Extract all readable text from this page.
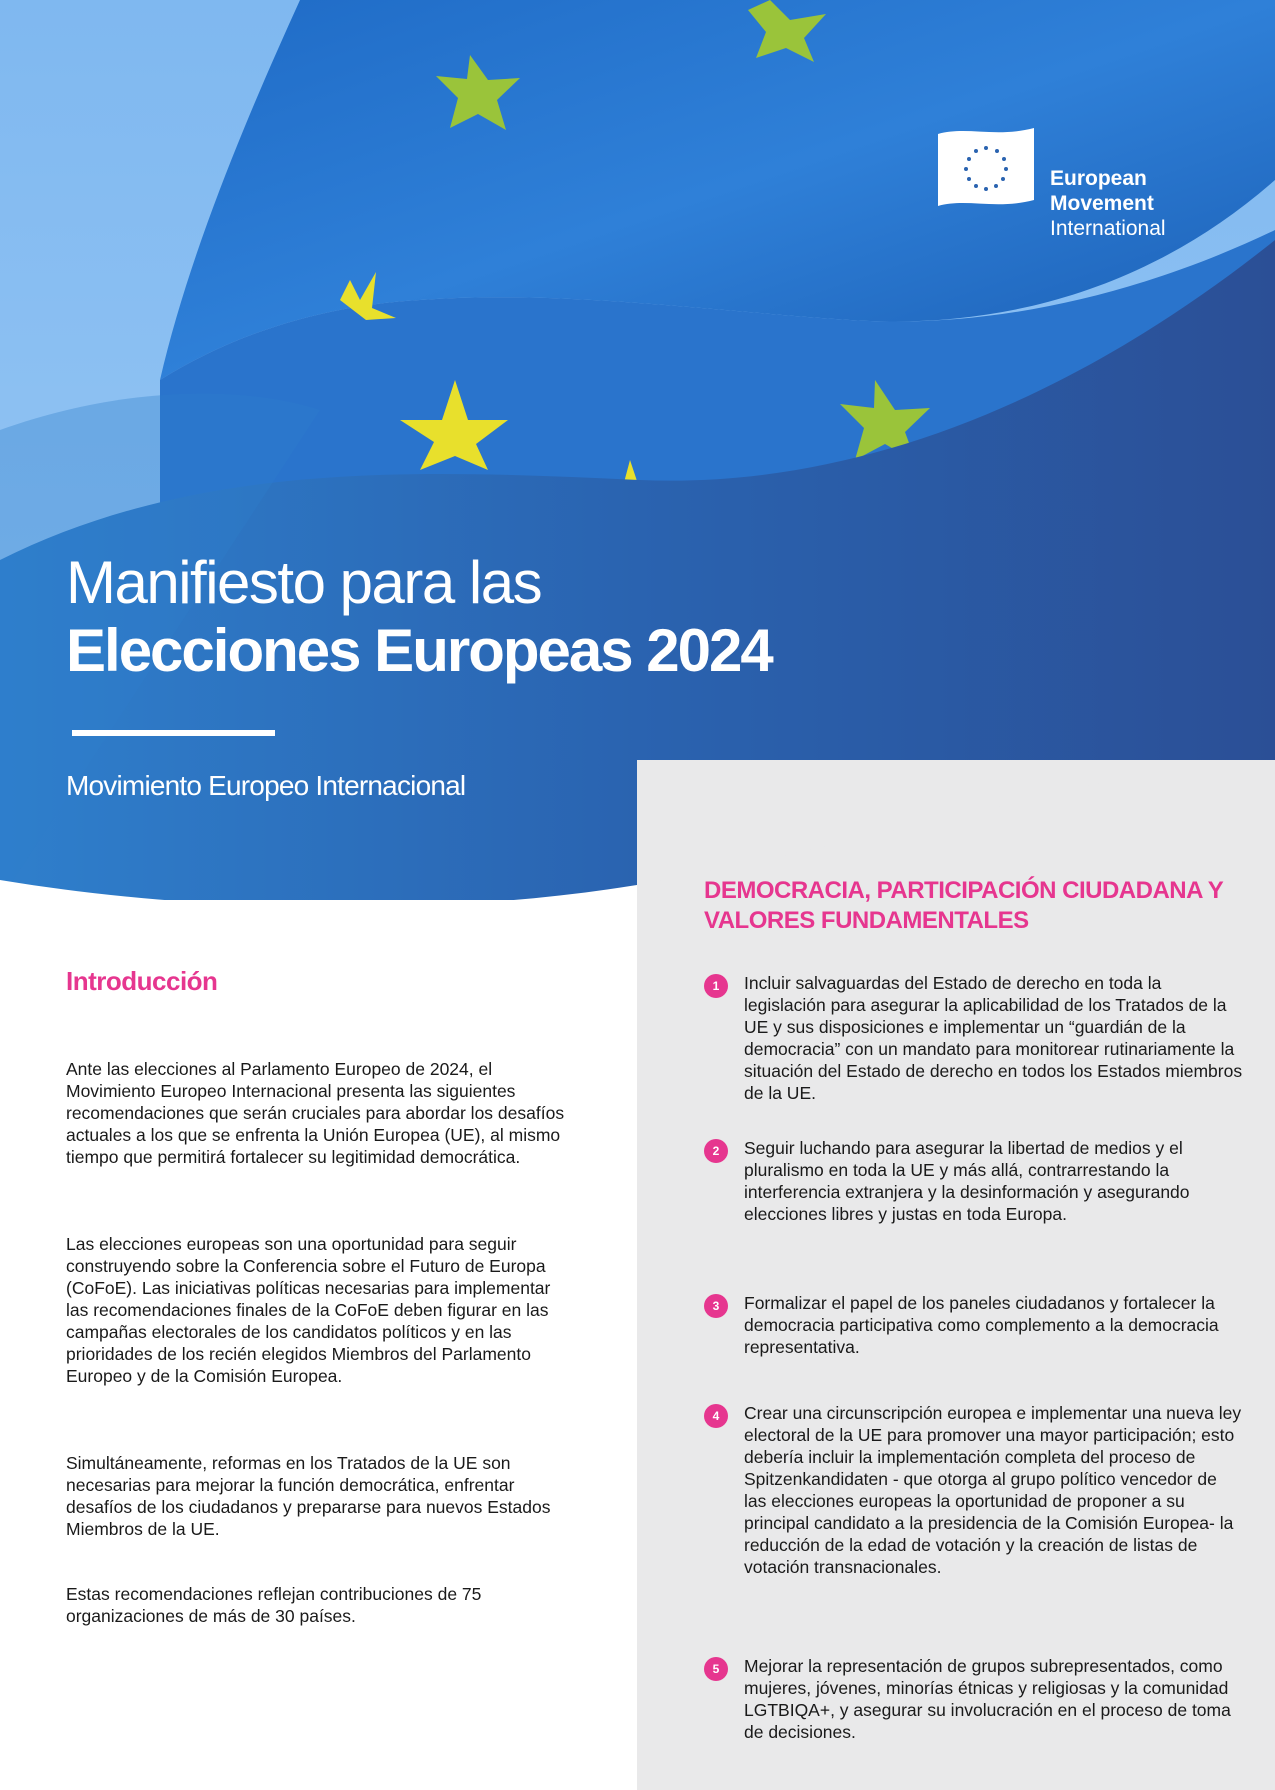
European
Movement
International
Manifiesto para las
Elecciones Europeas 2024
Movimiento Europeo Internacional
Introducción

Ante las elecciones al Parlamento Europeo de 2024, el Movimiento Europeo Internacional presenta las siguientes recomendaciones que serán cruciales para abordar los desafíos actuales a los que se enfrenta la Unión Europea (UE), al mismo tiempo que permitirá fortalecer su legitimidad democrática.

Las elecciones europeas son una oportunidad para seguir construyendo sobre la Conferencia sobre el Futuro de Europa (CoFoE). Las iniciativas políticas necesarias para implementar las recomendaciones finales de la CoFoE deben figurar en las campañas electorales de los candidatos políticos y en las prioridades de los recién elegidos Miembros del Parlamento Europeo y de la Comisión Europea.

Simultáneamente, reformas en los Tratados de la UE son necesarias para mejorar la función democrática, enfrentar desafíos de los ciudadanos y prepararse para nuevos Estados Miembros de la UE.

Estas recomendaciones reflejan contribuciones de 75 organizaciones de más de 30 países.

DEMOCRACIA, PARTICIPACIÓN CIUDADANA Y VALORES FUNDAMENTALES
1	Incluir salvaguardas del Estado de derecho en toda la legislación para asegurar la aplicabilidad de los Tratados de la UE y sus disposiciones e implementar un “guardián de la democracia” con un mandato para monitorear rutinariamente la situación del Estado de derecho en todos los Estados miembros de la UE.

2	Seguir luchando para asegurar la libertad de medios y el pluralismo en toda la UE y más allá, contrarrestando la interferencia extranjera y la desinformación y asegurando elecciones libres y justas en toda Europa.

3	Formalizar el papel de los paneles ciudadanos y fortalecer la democracia participativa como complemento a la democracia representativa.

4	Crear una circunscripción europea e implementar una nueva ley electoral de la UE para promover una mayor participación; esto debería incluir la implementación completa del proceso de Spitzenkandidaten - que otorga al grupo político vencedor de las elecciones europeas la oportunidad de proponer a su principal candidato a la presidencia de la Comisión Europea- la reducción de la edad de votación y la creación de listas de votación transnacionales.

5	Mejorar la representación de grupos subrepresentados, como mujeres, jóvenes, minorías étnicas y religiosas y la comunidad LGTBIQA+, y asegurar su involucración en el proceso de toma de decisiones.
